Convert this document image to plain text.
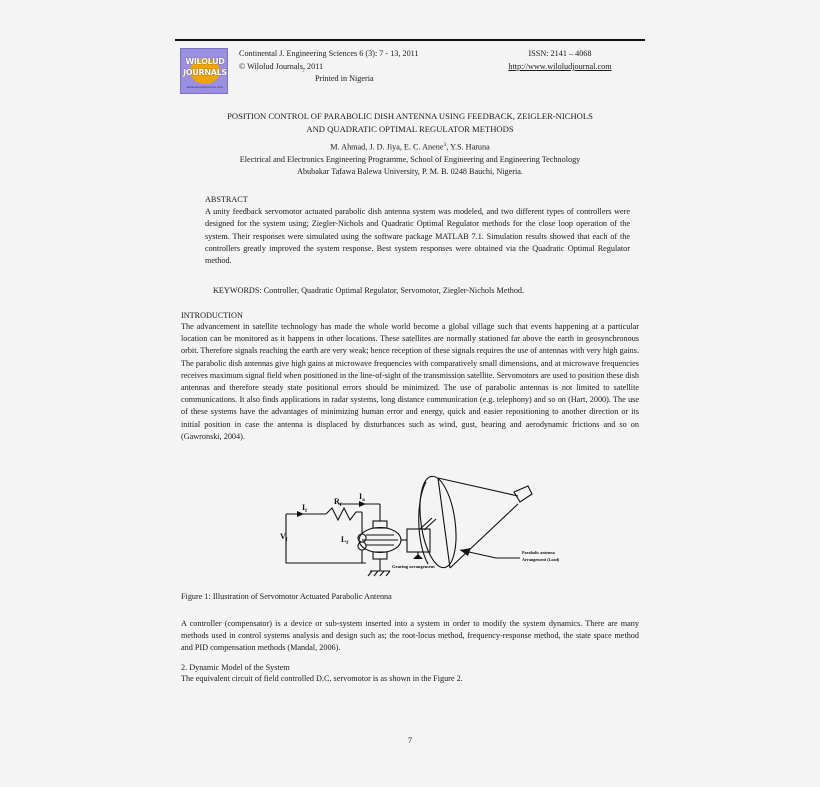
WILOLUD
JOURNALS
www.wiloludjournal.com
Continental J. Engineering Sciences 6 (3): 7 - 13, 2011
© Wilolud Journals, 2011
` Printed in Nigeria
ISSN: 2141 – 4068
http://www.wiloludjournal.com
POSITION CONTROL OF PARABOLIC DISH ANTENNA USING FEEDBACK, ZEIGLER-NICHOLS
AND QUADRATIC OPTIMAL REGULATOR METHODS
M. Ahmad, J. D. Jiya, E. C. Anene$^3$, Y.S. Haruna
Electrical and Electronics Engineering Programme, School of Engineering and Engineering Technology
Abubakar Tafawa Balewa University, P. M. B. 0248 Bauchi, Nigeria.
ABSTRACT

A unity feedback servomotor actuated parabolic dish antenna system was modeled, and two different types of controllers were designed for the system using; Ziegler-Nichols and Quadratic Optimal Regulator methods for the close loop operation of the system. Their responses were simulated using the software package MATLAB 7.1. Simulation results showed that each of the controllers greatly improved the system response. Best system responses were obtained via the Quadratic Optimal Regulator method.

KEYWORDS: Controller, Quadratic Optimal Regulator, Servomotor, Ziegler-Nichols Method.
INTRODUCTION

The advancement in satellite technology has made the whole world become a global village such that events happening at a particular location can be monitored as it happens in other locations. These satellites are normally stationed far above the earth in geosynchronous orbit. Therefore signals reaching the earth are very weak; hence reception of these signals requires the use of antennas with very high gains. The parabolic dish antennas give high gains at microwave frequencies with comparatively small dimensions, and at microwave frequencies receives maximum signal field when positioned in the line-of-sight of the transmission satellite. Servomotors are used to position these dish antennas and therefore steady state positional errors should be minimized. The use of parabolic antennas is not limited to satellite communications. It also finds applications in radar systems, long distance communication (e.g. telephony) and so on (Hart, 2000). The use of these systems have the advantages of minimizing human error and energy, quick and easier repositioning to another direction or its initial position in case the antenna is displaced by disturbances such as wind, gust, bearing and aerodynamic frictions and so on (Gawronski, 2004).

$I_f$
$R_f$
$L_f$
$V_f$
$I_a$
Gearing arrangement
Parabolic antenna
Arrangement (Load)
Figure 1: Illustration of Servomotor Actuated Parabolic Antenna

A controller (compensator) is a device or sub-system inserted into a system in order to modify the system dynamics. There are many methods used in control systems analysis and design such as; the root-locus method, frequency-response method, the state space method and PID compensation methods (Mandal, 2006).

2. Dynamic Model of the System
The equivalent circuit of field controlled D.C. servomotor is as shown in the Figure 2.
7
